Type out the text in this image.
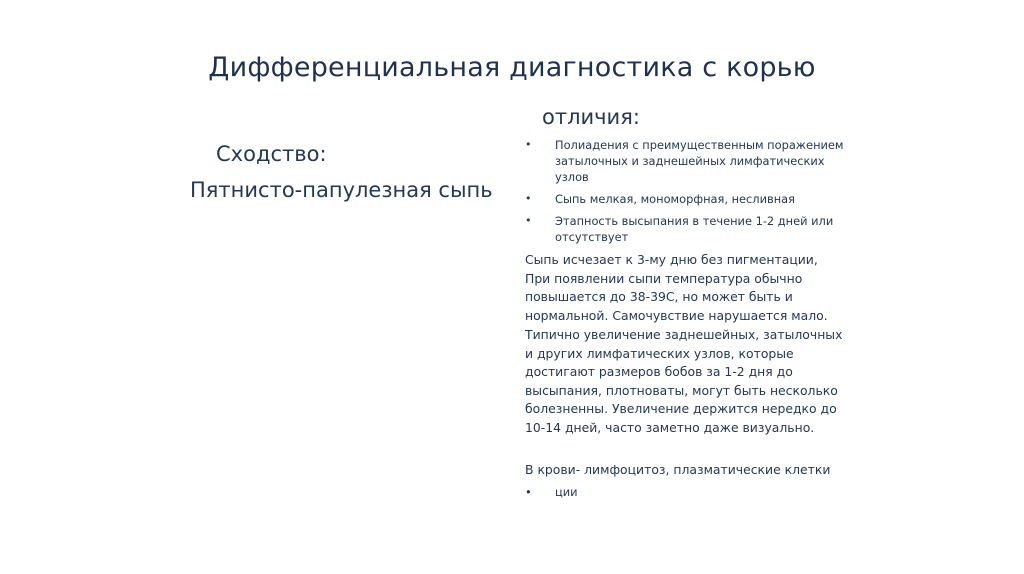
Дифференциальная диагностика с корью
Сходство:
Пятнисто-папулезная сыпь
отличия:
• Полиадения с преимущественным поражением затылочных и заднешейных лимфатических узлов
• Сыпь мелкая, мономорфная, несливная
• Этапность высыпания в течение 1-2 дней или отсутствует

Сыпь исчезает к 3-му дню без пигментации, При появлении сыпи температура обычно повышается до 38-39С, но может быть и нормальной. Самочувствие нарушается мало.

Типично увеличение заднешейных, затылочных и других лимфатических узлов, которые достигают размеров бобов за 1-2 дня до высыпания, плотноваты, могут быть несколько болезненны. Увеличение держится нередко до 10-14 дней, часто заметно даже визуально.

В крови- лимфоцитоз, плазматические клетки

• ции
